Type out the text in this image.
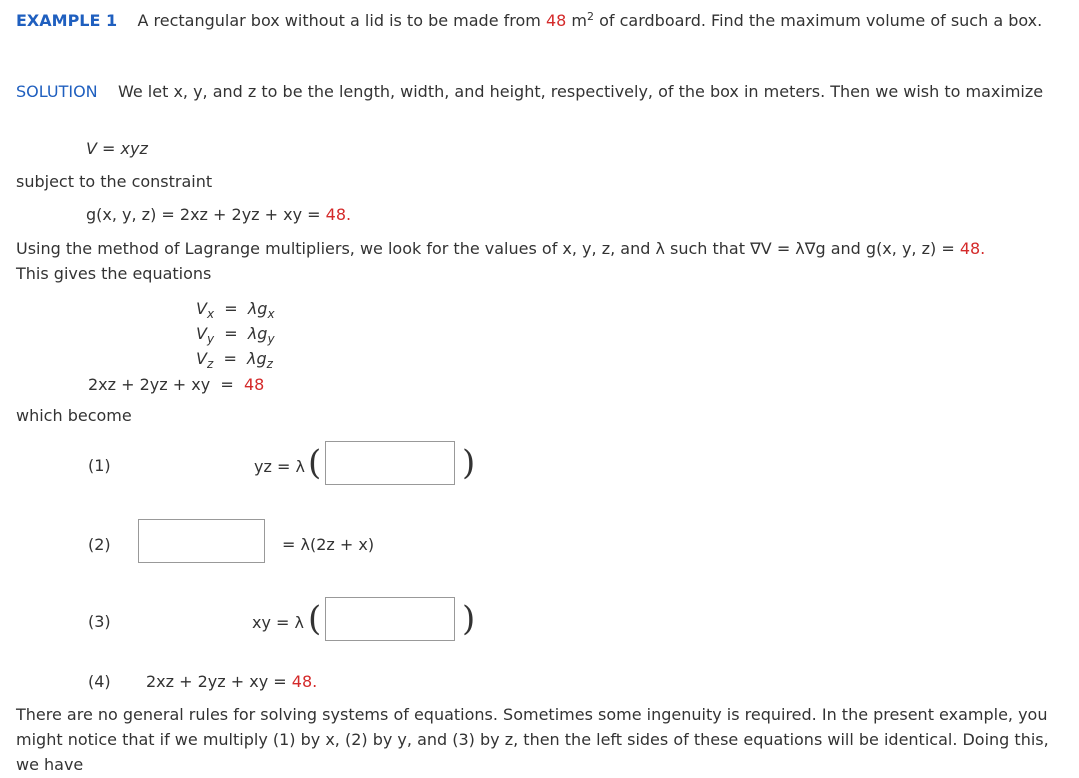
EXAMPLE 1 A rectangular box without a lid is to be made from 48 $m^2$ of cardboard. Find the maximum volume of such a box.
SOLUTION We let x, y, and z to be the length, width, and height, respectively, of the box in meters. Then we wish to maximize
V = xyz
subject to the constraint
g(x, y, z) = 2xz + 2yz + xy = 48.
Using the method of Lagrange multipliers, we look for the values of x, y, z, and λ such that ∇V = λ∇g and g(x, y, z) = 48.
This gives the equations
$V_x = \lambda g_x$
$V_y = \lambda g_y$
$V_z = \lambda g_z$
2xz + 2yz + xy = 48
which become
(1)	yz = λ (	)
(2)	= λ(2z + x)
(3)	xy = λ (	)
(4) 2xz + 2yz + xy = 48.
There are no general rules for solving systems of equations. Sometimes some ingenuity is required. In the present example, you might notice that if we multiply (1) by x, (2) by y, and (3) by z, then the left sides of these equations will be identical. Doing this, we have
